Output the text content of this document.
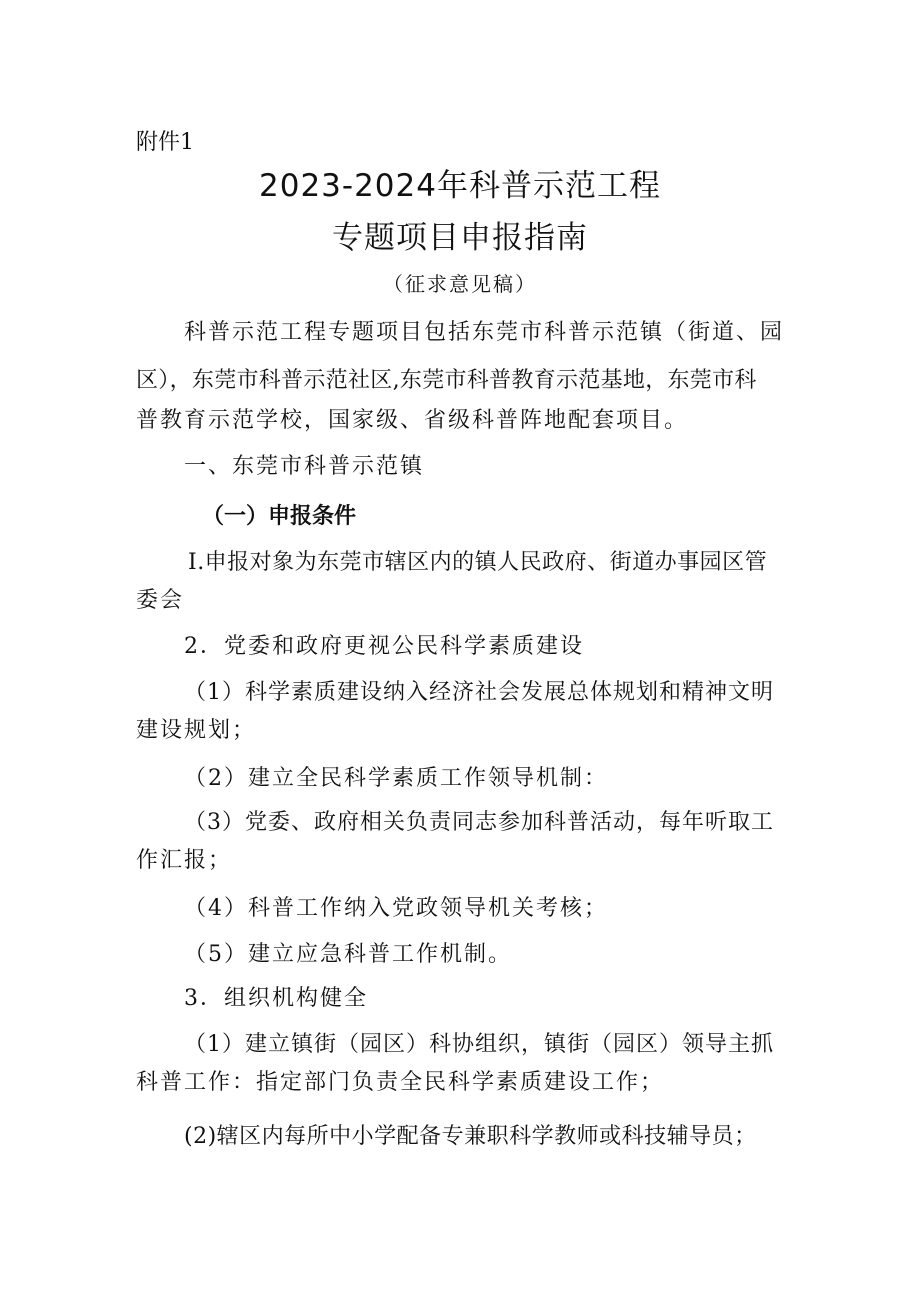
附件1
2023-2024年科普示范工程
专题项目申报指南
（征求意见稿）
科普示范工程专题项目包括东莞市科普示范镇（街道、园
区），东莞市科普示范社区,东莞市科普教育示范基地，东莞市科
普教育示范学校，国家级、省级科普阵地配套项目。
一、东莞市科普示范镇
（一）申报条件
I.申报对象为东莞市辖区内的镇人民政府、街道办事园区管
委会
2．党委和政府更视公民科学素质建设
（1）科学素质建设纳入经济社会发展总体规划和精神文明
建设规划；
（2）建立全民科学素质工作领导机制：
（3）党委、政府相关负责同志参加科普活动，每年听取工
作汇报；
（4）科普工作纳入党政领导机关考核；
（5）建立应急科普工作机制。
3．组织机构健全
（1）建立镇街（园区）科协组织，镇街（园区）领导主抓
科普工作：指定部门负责全民科学素质建设工作；
(2)辖区内每所中小学配备专兼职科学教师或科技辅导员；
